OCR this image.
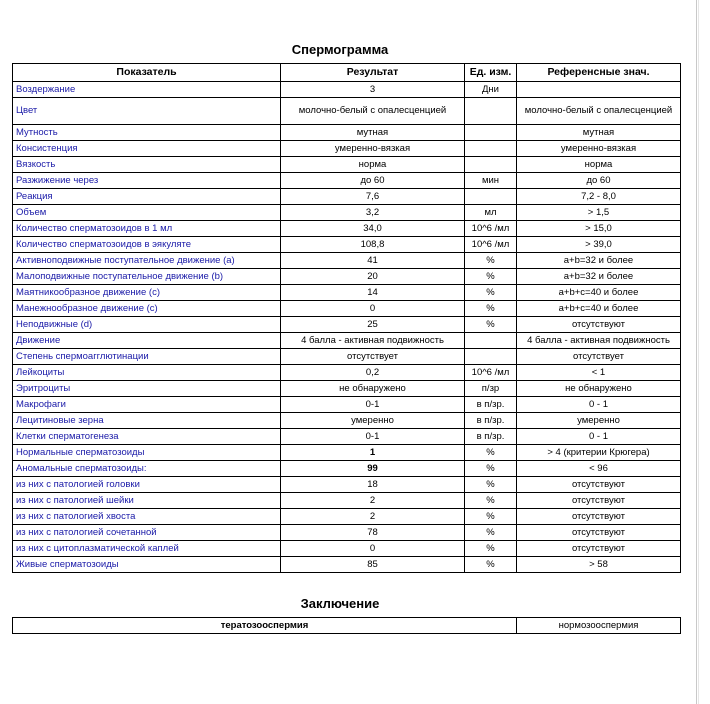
Спермограмма
Показатель	Результат	Ед. изм.	Референсные знач.
Воздержание	3	Дни	
Цвет	молочно-белый с опалесценцией		молочно-белый с опалесценцией
Мутность	мутная		мутная
Консистенция	умеренно-вязкая		умеренно-вязкая
Вязкость	норма		норма
Разжижение через	до 60	мин	до 60
Реакция	7,6		7,2 - 8,0
Объем	3,2	мл	> 1,5
Количество сперматозоидов в 1 мл	34,0	10^6 /мл	> 15,0
Количество сперматозоидов в эякуляте	108,8	10^6 /мл	> 39,0
Активноподвижные поступательное движение (a)	41	%	a+b=32 и более
Малоподвижные поступательное движение (b)	20	%	a+b=32 и более
Маятникообразное движение (c)	14	%	a+b+c=40 и более
Манежнообразное движение (c)	0	%	a+b+c=40 и более
Неподвижные (d)	25	%	отсутствуют
Движение	4 балла - активная подвижность		4 балла - активная подвижность
Степень спермоагглютинации	отсутствует		отсутствует
Лейкоциты	0,2	10^6 /мл	< 1
Эритроциты	не обнаружено	п/зр	не обнаружено
Макрофаги	0-1	в п/зр.	0 - 1
Лецитиновые зерна	умеренно	в п/зр.	умеренно
Клетки сперматогенеза	0-1	в п/зр.	0 - 1
Нормальные сперматозоиды	1	%	> 4 (критерии Крюгера)
Аномальные сперматозоиды:	99	%	< 96
из них с патологией головки	18	%	отсутствуют
из них с патологией шейки	2	%	отсутствуют
из них с патологией хвоста	2	%	отсутствуют
из них с патологией сочетанной	78	%	отсутствуют
из них с цитоплазматической каплей	0	%	отсутствуют
Живые сперматозоиды	85	%	> 58
Заключение
тератозооспермия	нормозооспермия
